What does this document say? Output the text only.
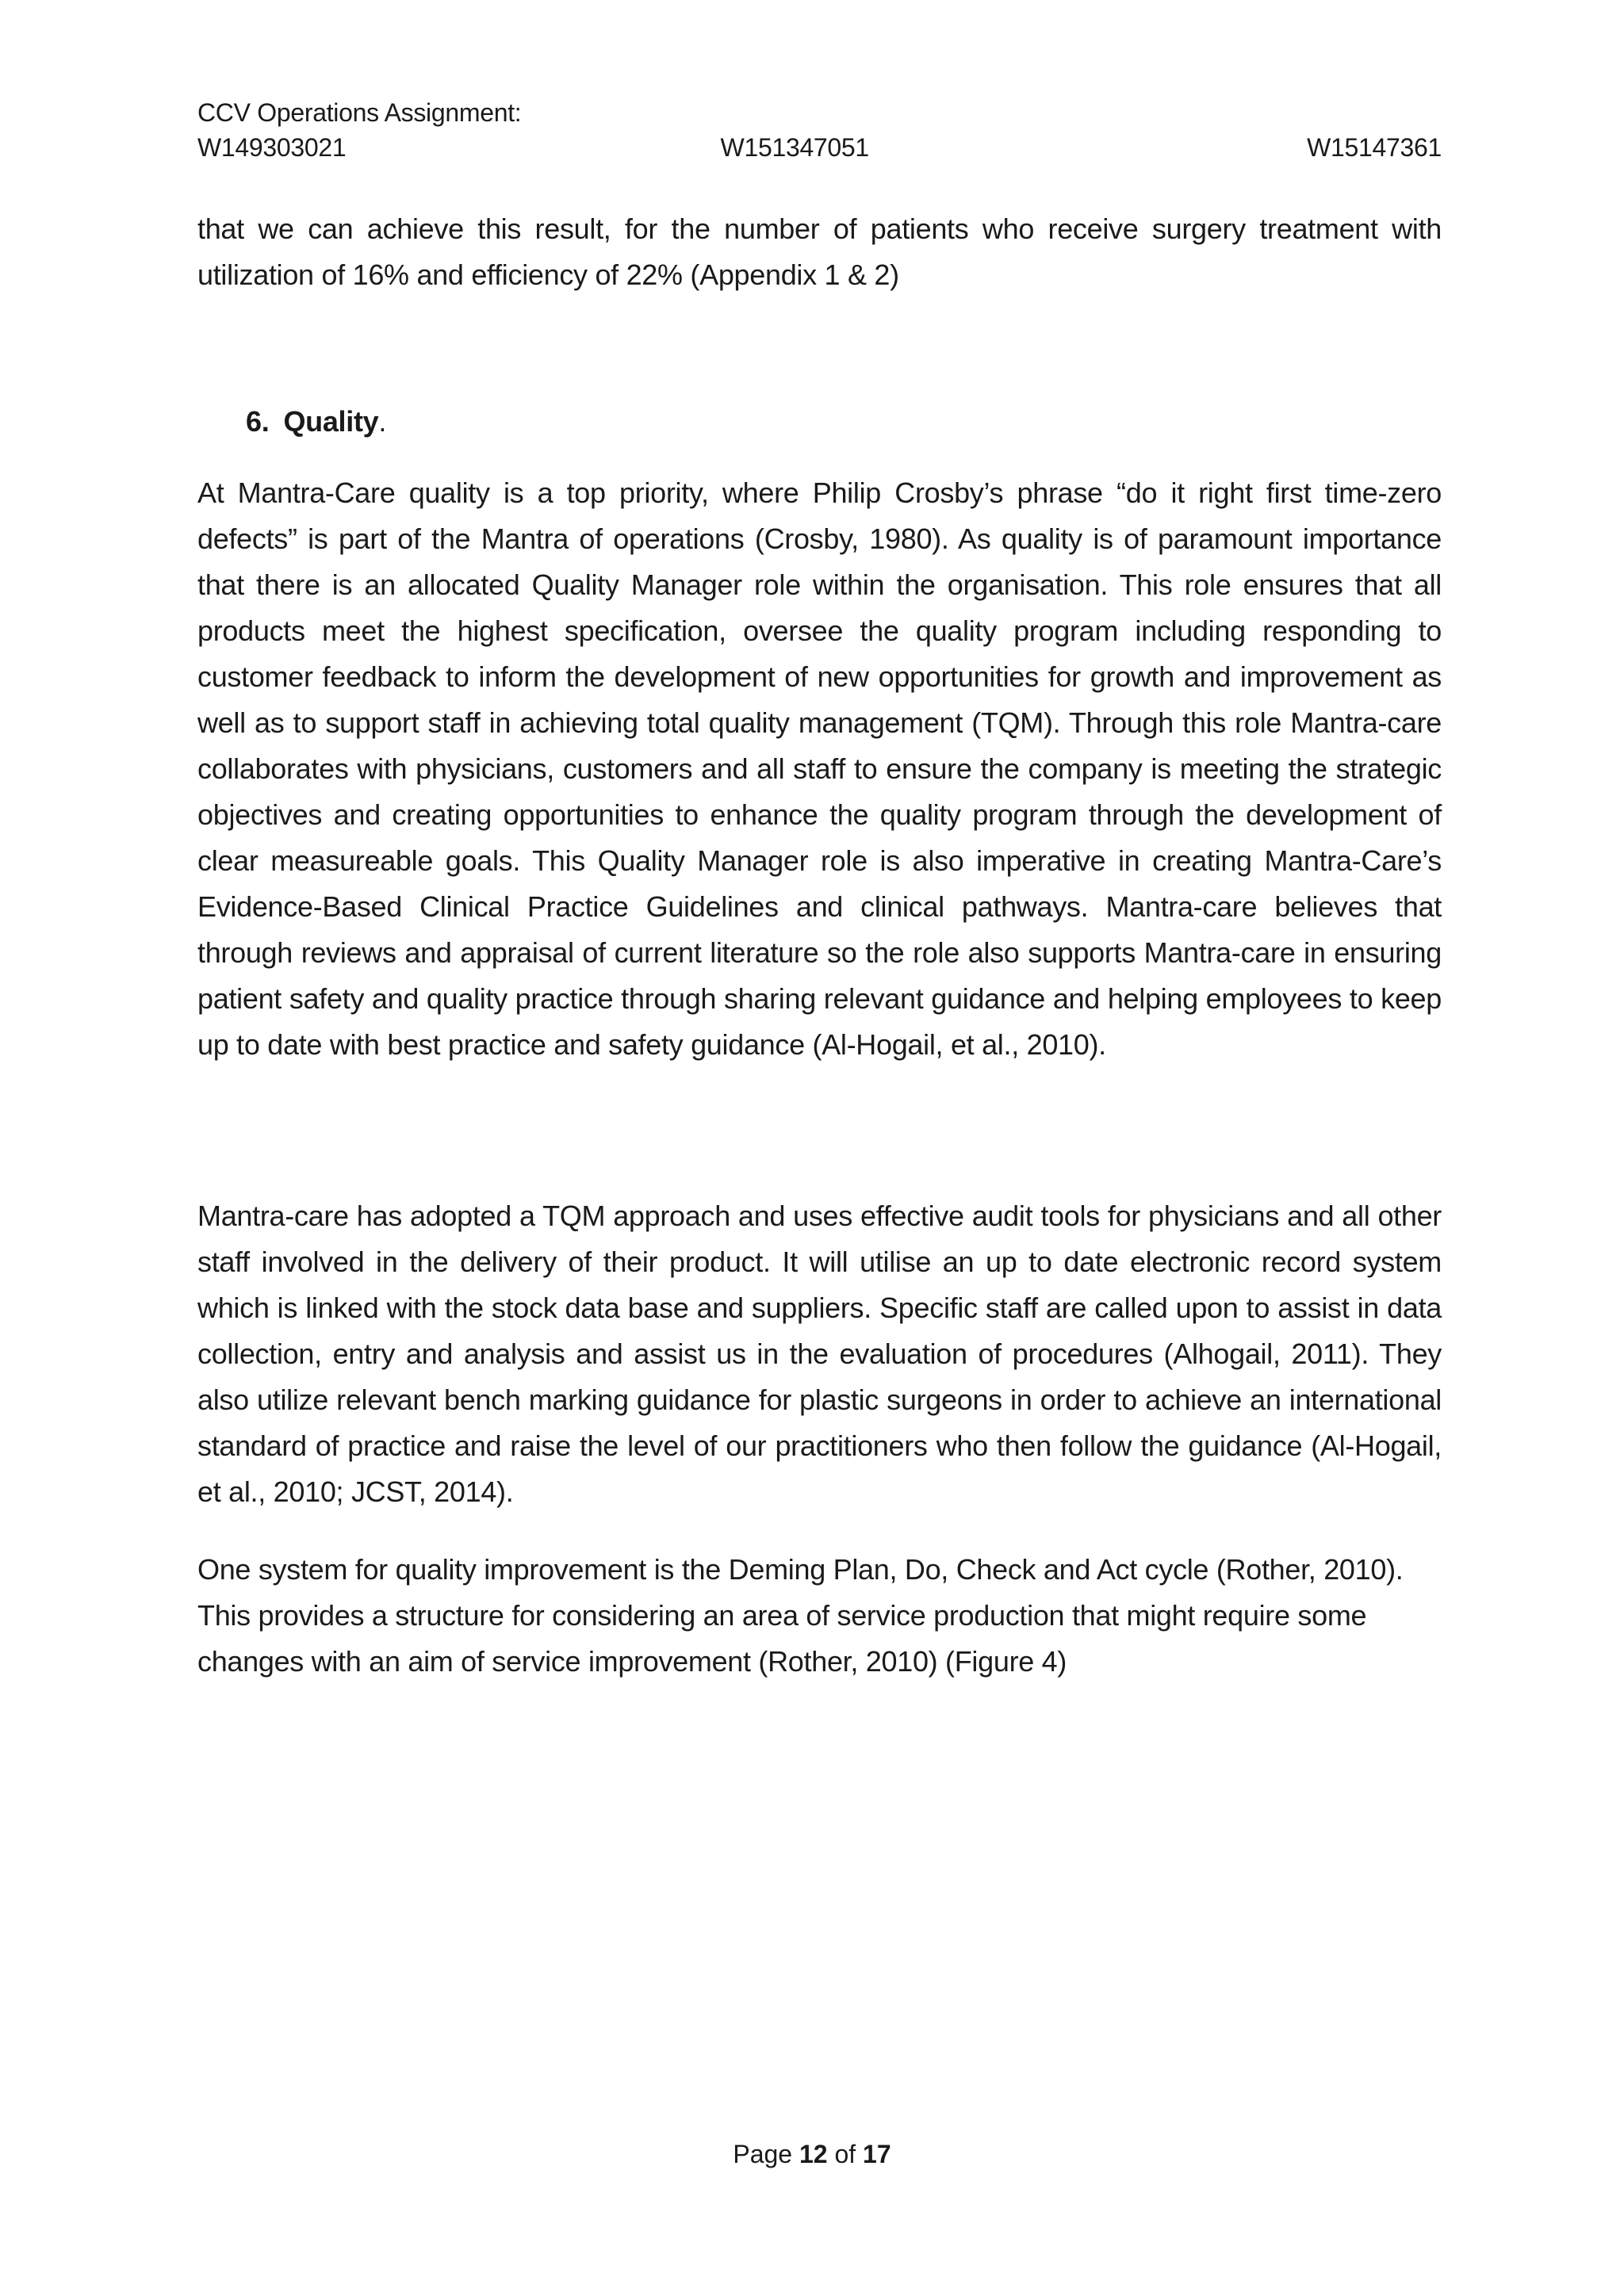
CCV Operations Assignment:
W149303021	W151347051	W15147361

that we can achieve this result, for the number of patients who receive surgery treatment with utilization of 16% and efficiency of 22% (Appendix 1 & 2)

6. Quality.

At Mantra-Care quality is a top priority, where Philip Crosby’s phrase “do it right first time-zero defects” is part of the Mantra of operations (Crosby, 1980). As quality is of paramount importance that there is an allocated Quality Manager role within the organisation. This role ensures that all products meet the highest specification, oversee the quality program including responding to customer feedback to inform the development of new opportunities for growth and improvement as well as to support staff in achieving total quality management (TQM). Through this role Mantra-care collaborates with physicians, customers and all staff to ensure the company is meeting the strategic objectives and creating opportunities to enhance the quality program through the development of clear measureable goals. This Quality Manager role is also imperative in creating Mantra-Care’s Evidence-Based Clinical Practice Guidelines and clinical pathways. Mantra-care believes that through reviews and appraisal of current literature so the role also supports Mantra-care in ensuring patient safety and quality practice through sharing relevant guidance and helping employees to keep up to date with best practice and safety guidance (Al-Hogail, et al., 2010).

Mantra-care has adopted a TQM approach and uses effective audit tools for physicians and all other staff involved in the delivery of their product. It will utilise an up to date electronic record system which is linked with the stock data base and suppliers. Specific staff are called upon to assist in data collection, entry and analysis and assist us in the evaluation of procedures (Alhogail, 2011). They also utilize relevant bench marking guidance for plastic surgeons in order to achieve an international standard of practice and raise the level of our practitioners who then follow the guidance (Al-Hogail, et al., 2010; JCST, 2014).

One system for quality improvement is the Deming Plan, Do, Check and Act cycle (Rother, 2010). This provides a structure for considering an area of service production that might require some changes with an aim of service improvement (Rother, 2010) (Figure 4)

Page 12 of 17
